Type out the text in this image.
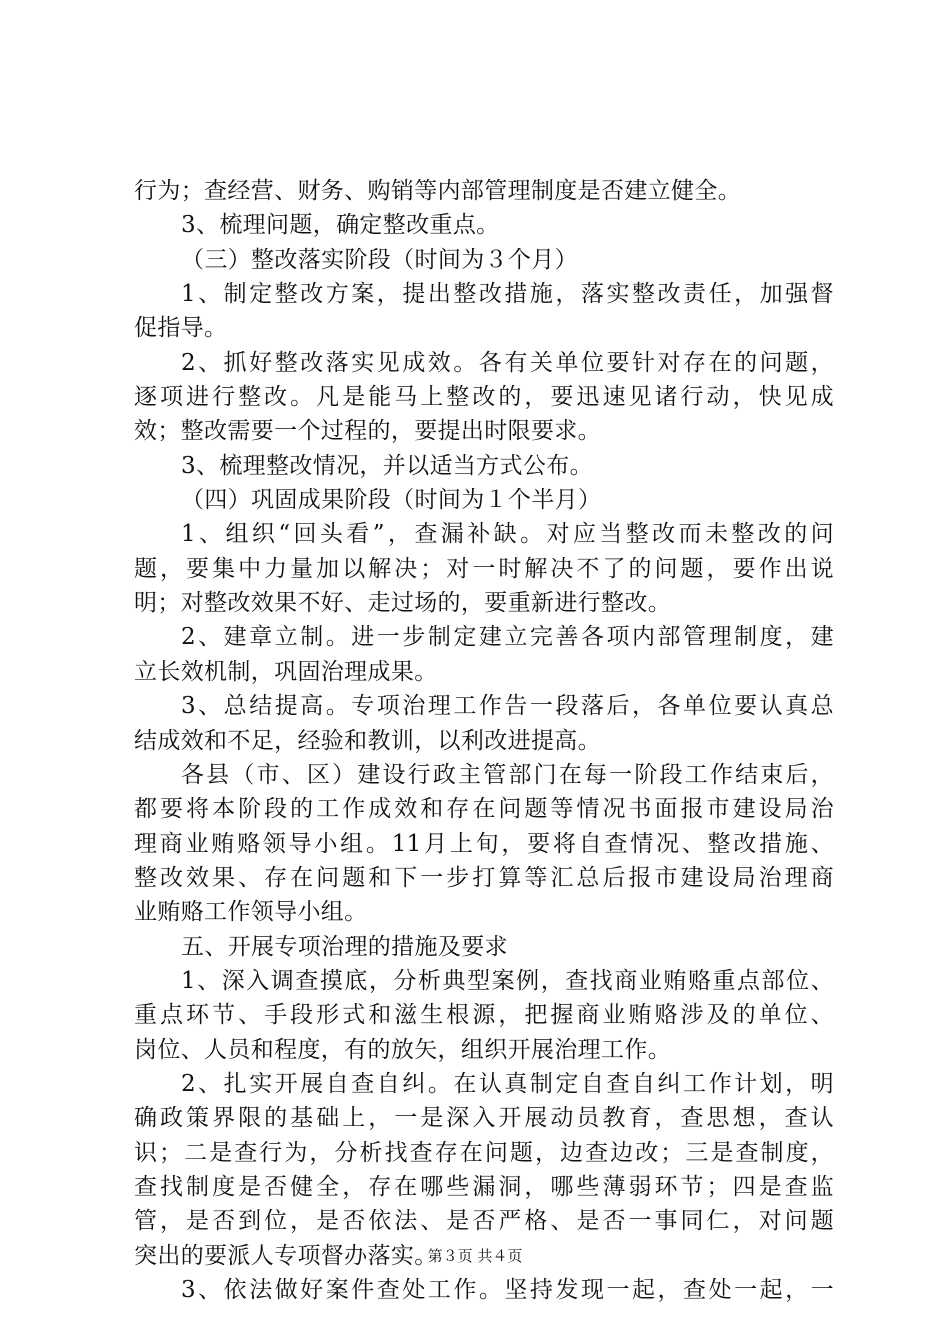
行为；查经营、财务、购销等内部管理制度是否建立健全。
3、梳理问题，确定整改重点。
（三）整改落实阶段（时间为３个月）
1、制定整改方案，提出整改措施，落实整改责任，加强督
促指导。
2、抓好整改落实见成效。各有关单位要针对存在的问题，
逐项进行整改。凡是能马上整改的，要迅速见诸行动，快见成
效；整改需要一个过程的，要提出时限要求。
3、梳理整改情况，并以适当方式公布。
（四）巩固成果阶段（时间为１个半月）
1、组织“回头看”，查漏补缺。对应当整改而未整改的问
题，要集中力量加以解决；对一时解决不了的问题，要作出说
明；对整改效果不好、走过场的，要重新进行整改。
2、建章立制。进一步制定建立完善各项内部管理制度，建
立长效机制，巩固治理成果。
3、总结提高。专项治理工作告一段落后，各单位要认真总
结成效和不足，经验和教训，以利改进提高。
各县（市、区）建设行政主管部门在每一阶段工作结束后，
都要将本阶段的工作成效和存在问题等情况书面报市建设局治
理商业贿赂领导小组。11月上旬，要将自查情况、整改措施、
整改效果、存在问题和下一步打算等汇总后报市建设局治理商
业贿赂工作领导小组。
五、开展专项治理的措施及要求
1、深入调查摸底，分析典型案例，查找商业贿赂重点部位、
重点环节、手段形式和滋生根源，把握商业贿赂涉及的单位、
岗位、人员和程度，有的放矢，组织开展治理工作。
2、扎实开展自查自纠。在认真制定自查自纠工作计划，明
确政策界限的基础上，一是深入开展动员教育，查思想，查认
识；二是查行为，分析找查存在问题，边查边改；三是查制度，
查找制度是否健全，存在哪些漏洞，哪些薄弱环节；四是查监
管，是否到位，是否依法、是否严格、是否一事同仁，对问题
突出的要派人专项督办落实。
3、依法做好案件查处工作。坚持发现一起，查处一起，一
第３页 共４页
